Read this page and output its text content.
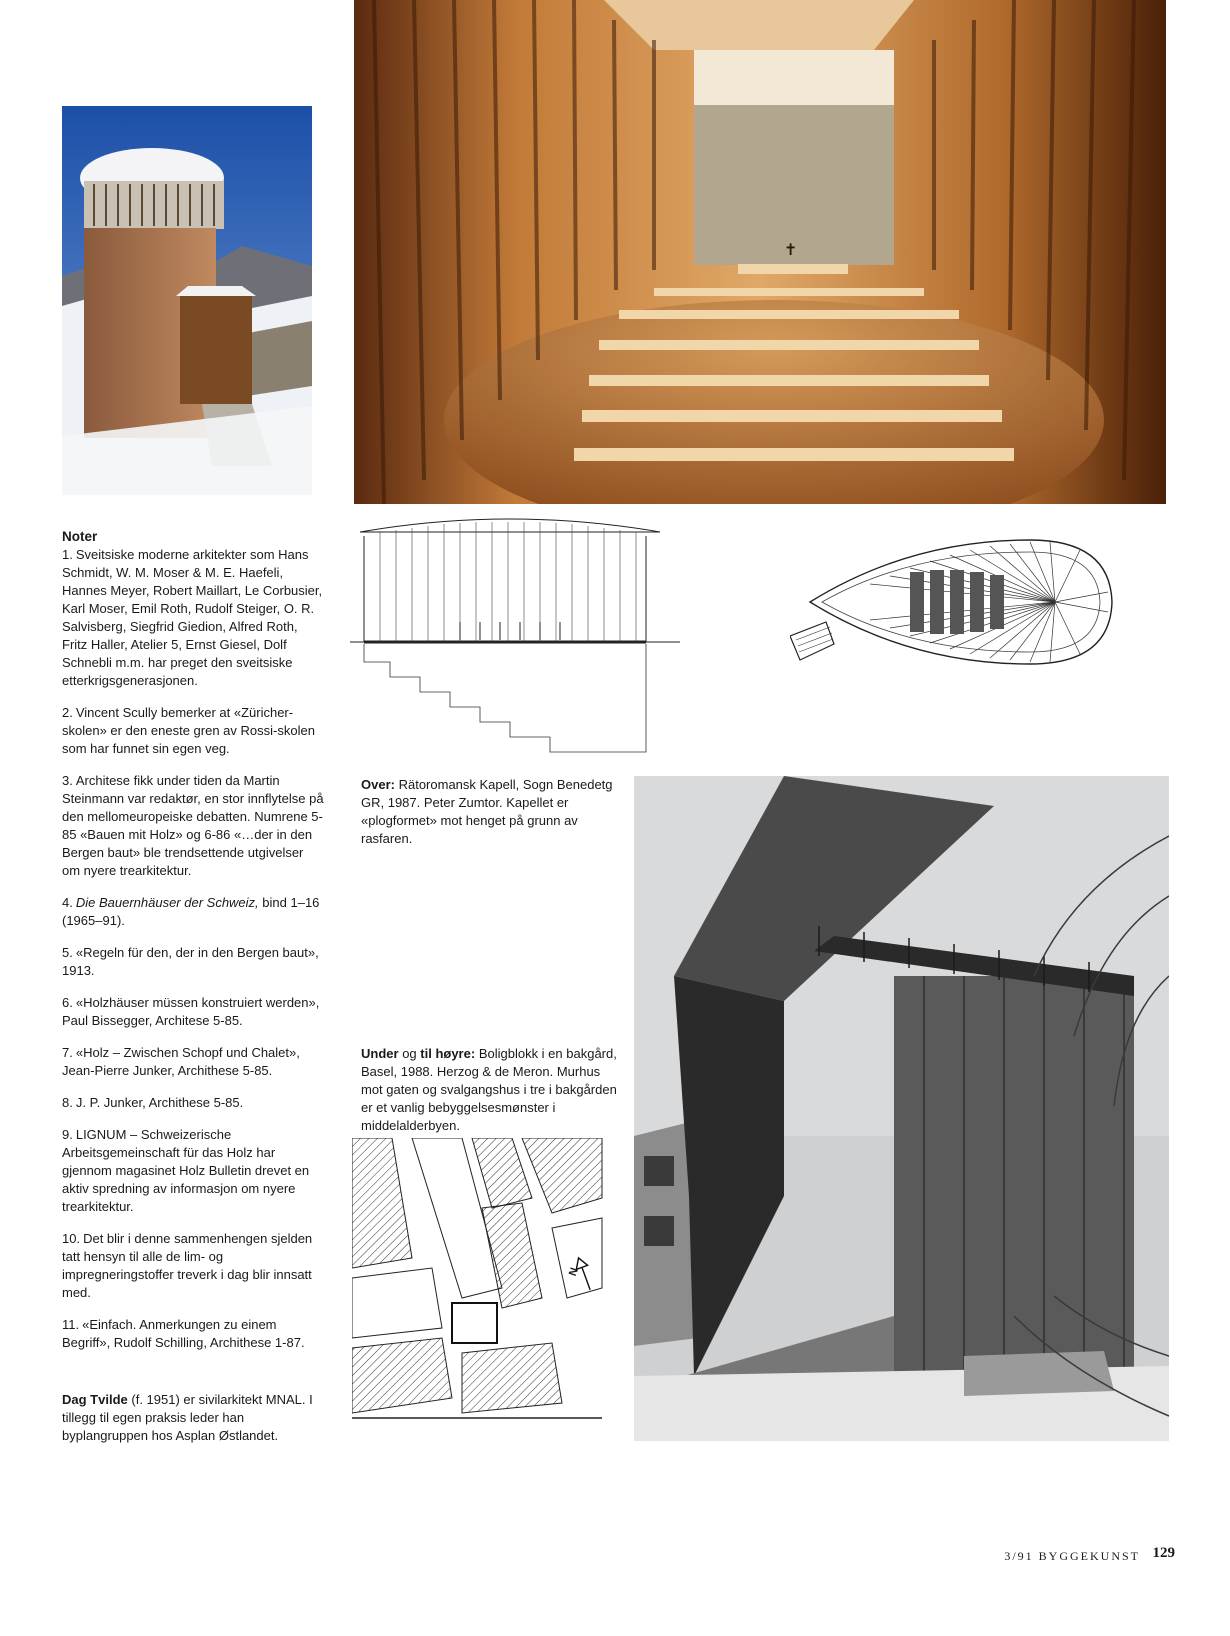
✝
N
Noter
1. Sveitsiske moderne arkitekter som Hans Schmidt, W. M. Moser & M. E. Haefeli, Hannes Meyer, Robert Maillart, Le Corbusier, Karl Moser, Emil Roth, Rudolf Steiger, O. R. Salvisberg, Siegfrid Giedion, Alfred Roth, Fritz Haller, Atelier 5, Ernst Giesel, Dolf Schnebli m.m. har preget den sveitsiske etterkrigsgenerasjonen.
2. Vincent Scully bemerker at «Züricher-skolen» er den eneste gren av Rossi-skolen som har funnet sin egen veg.
3. Architese fikk under tiden da Martin Steinmann var redaktør, en stor innflytelse på den mellomeuropeiske debatten. Numrene 5-85 «Bauen mit Holz» og 6-86 «…der in den Bergen baut» ble trendsettende utgivelser om nyere trearkitektur.
4. Die Bauernhäuser der Schweiz, bind 1–16 (1965–91).
5. «Regeln für den, der in den Bergen baut», 1913.
6. «Holzhäuser müssen konstruiert werden», Paul Bissegger, Architese 5-85.
7. «Holz – Zwischen Schopf und Chalet», Jean-Pierre Junker, Archithese 5-85.
8. J. P. Junker, Archithese 5-85.
9. LIGNUM – Schweizerische Arbeitsgemeinschaft für das Holz har gjennom magasinet Holz Bulletin drevet en aktiv spredning av informasjon om nyere trearkitektur.
10. Det blir i denne sammenhengen sjelden tatt hensyn til alle de lim- og impregneringstoffer treverk i dag blir innsatt med.
11. «Einfach. Anmerkungen zu einem Begriff», Rudolf Schilling, Archithese 1-87.
Dag Tvilde (f. 1951) er sivilarkitekt MNAL. I tillegg til egen praksis leder han byplangruppen hos Asplan Østlandet.
Over: Rätoromansk Kapell, Sogn Benedetg GR, 1987. Peter Zumtor. Kapellet er «plogformet» mot henget på grunn av rasfaren.
Under og til høyre: Boligblokk i en bakgård, Basel, 1988. Herzog & de Meron. Murhus mot gaten og svalgangshus i tre i bakgården er et vanlig bebyggelsesmønster i middelalderbyen.
3/91 BYGGEKUNST 129
